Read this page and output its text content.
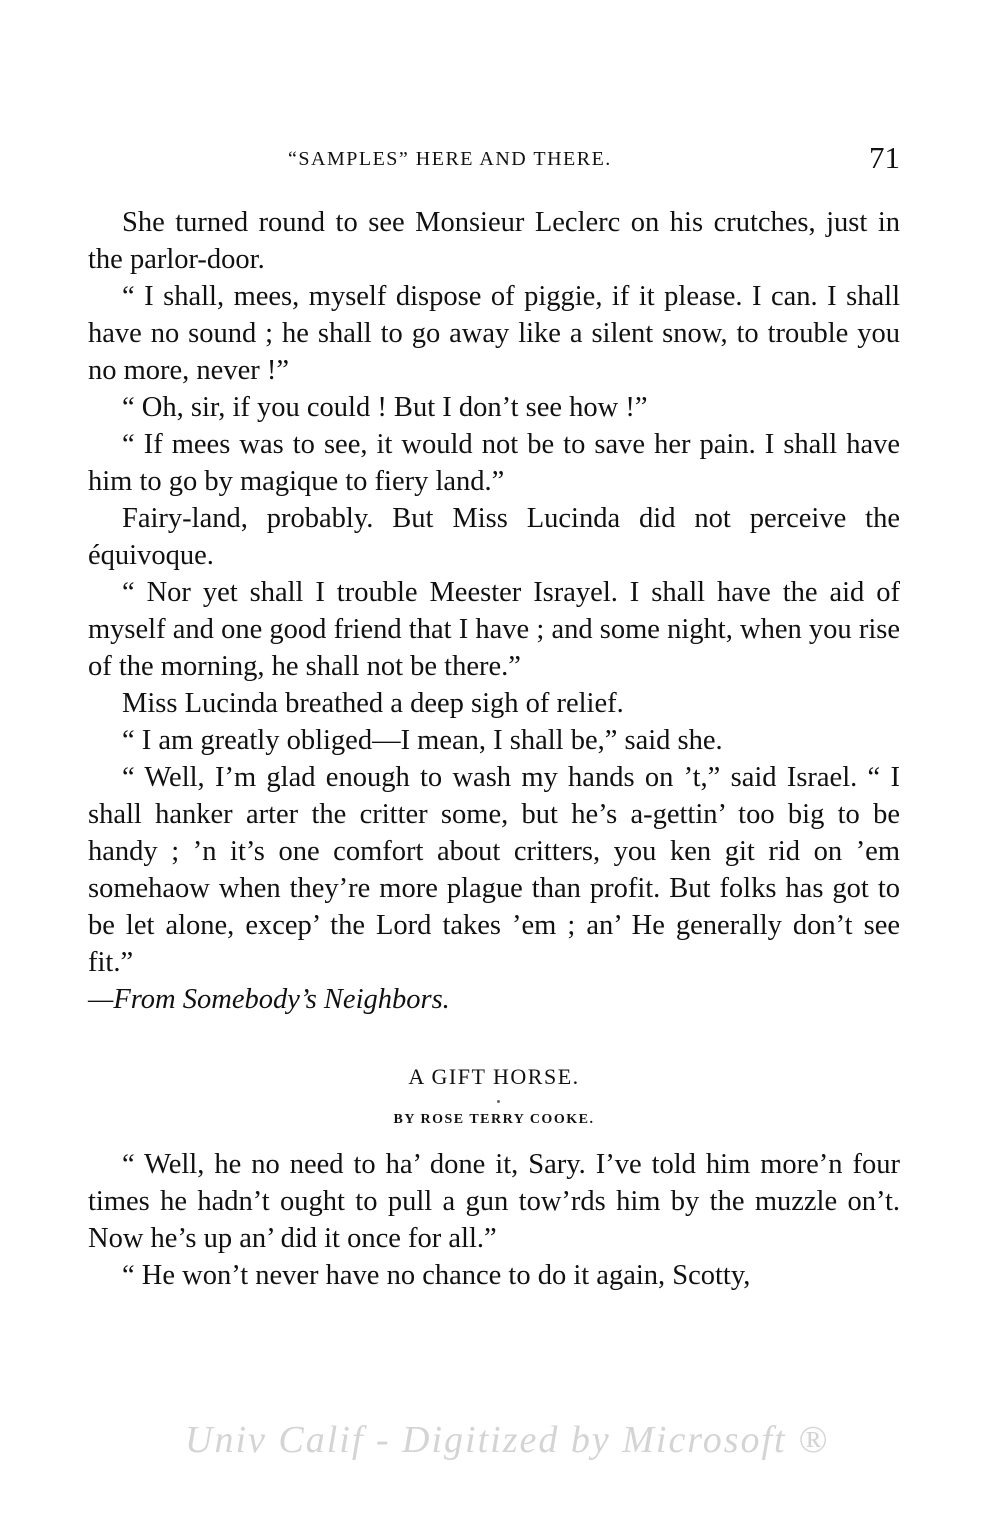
“SAMPLES” HERE AND THERE.	71

She turned round to see Monsieur Leclerc on his crutches, just in the parlor-door.

“ I shall, mees, myself dispose of piggie, if it please. I can. I shall have no sound ; he shall to go away like a silent snow, to trouble you no more, never !”

“ Oh, sir, if you could ! But I don’t see how !”

“ If mees was to see, it would not be to save her pain. I shall have him to go by magique to fiery land.”

Fairy-land, probably. But Miss Lucinda did not perceive the équivoque.

“ Nor yet shall I trouble Meester Israyel. I shall have the aid of myself and one good friend that I have ; and some night, when you rise of the morning, he shall not be there.”

Miss Lucinda breathed a deep sigh of relief.

“ I am greatly obliged—I mean, I shall be,” said she.

“ Well, I’m glad enough to wash my hands on ’t,” said Israel. “ I shall hanker arter the critter some, but he’s a-gettin’ too big to be handy ; ’n it’s one comfort about critters, you ken git rid on ’em somehaow when they’re more plague than profit. But folks has got to be let alone, excep’ the Lord takes ’em ; an’ He generally don’t see fit.”

—From Somebody’s Neighbors.

A GIFT HORSE.
BY ROSE TERRY COOKE.

“ Well, he no need to ha’ done it, Sary. I’ve told him more’n four times he hadn’t ought to pull a gun tow’rds him by the muzzle on’t. Now he’s up an’ did it once for all.”

“ He won’t never have no chance to do it again, Scotty,

Univ Calif - Digitized by Microsoft ®
